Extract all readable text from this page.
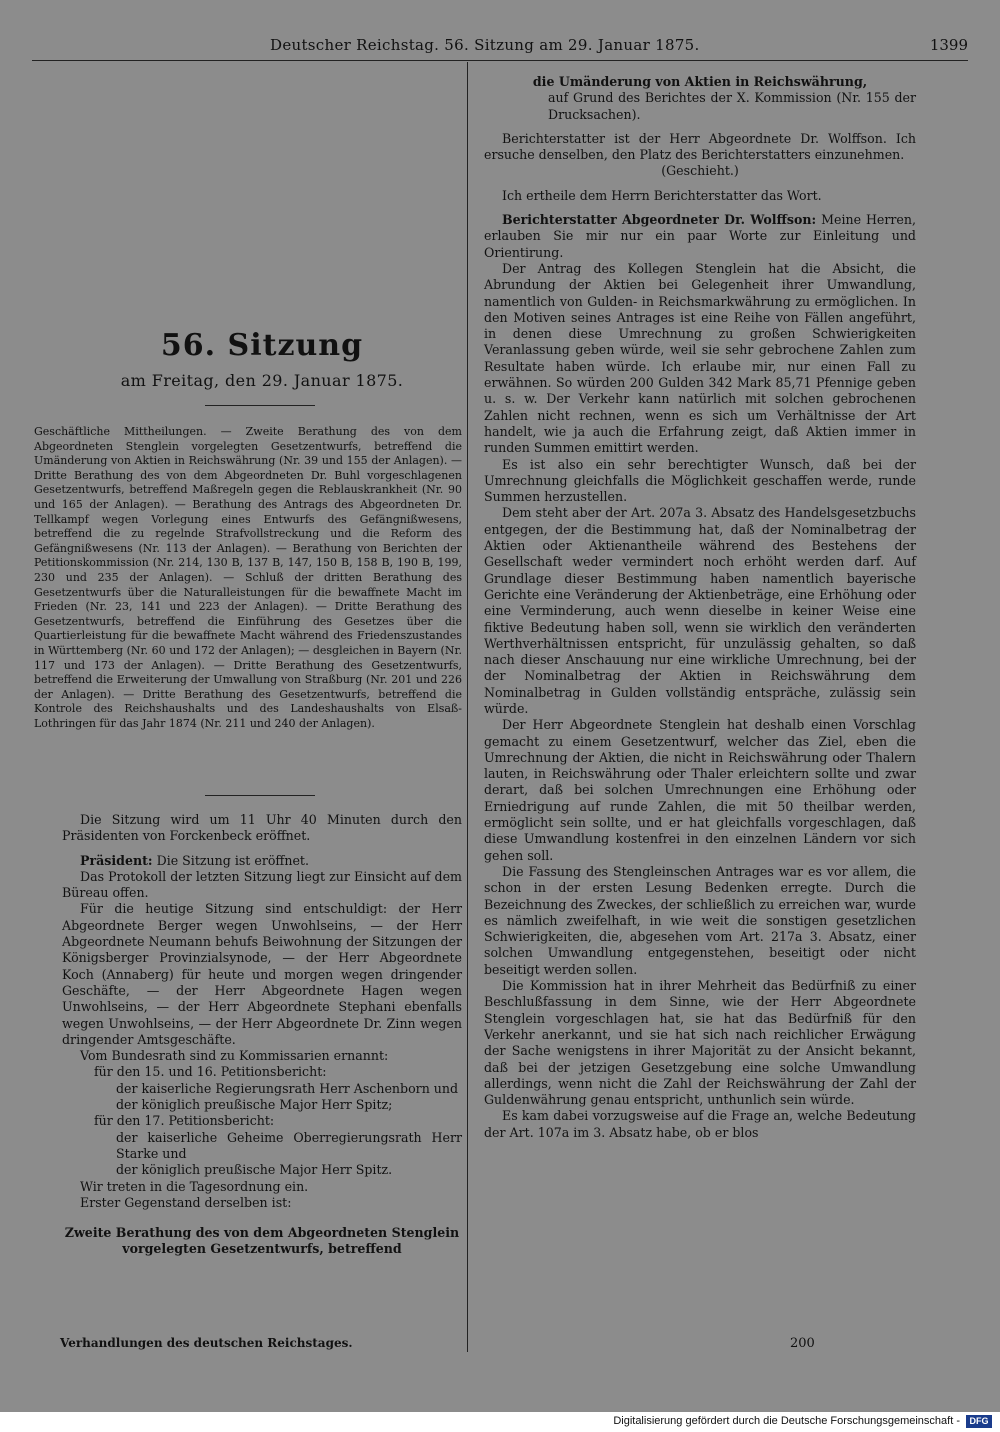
Deutscher Reichstag. 56. Sitzung am 29. Januar 1875.	1399
56. Sitzung
am Freitag, den 29. Januar 1875.

Geschäftliche Mittheilungen. — Zweite Berathung des von dem Abgeordneten Stenglein vorgelegten Gesetzentwurfs, betreffend die Umänderung von Aktien in Reichswährung (Nr. 39 und 155 der Anlagen). — Dritte Berathung des von dem Abgeordneten Dr. Buhl vorgeschlagenen Gesetzentwurfs, betreffend Maßregeln gegen die Reblauskrankheit (Nr. 90 und 165 der Anlagen). — Berathung des Antrags des Abgeordneten Dr. Tellkampf wegen Vorlegung eines Entwurfs des Gefängnißwesens, betreffend die zu regelnde Strafvollstreckung und die Reform des Gefängnißwesens (Nr. 113 der Anlagen). — Berathung von Berichten der Petitionskommission (Nr. 214, 130 B, 137 B, 147, 150 B, 158 B, 190 B, 199, 230 und 235 der Anlagen). — Schluß der dritten Berathung des Gesetzentwurfs über die Naturalleistungen für die bewaffnete Macht im Frieden (Nr. 23, 141 und 223 der Anlagen). — Dritte Berathung des Gesetzentwurfs, betreffend die Einführung des Gesetzes über die Quartierleistung für die bewaffnete Macht während des Friedenszustandes in Württemberg (Nr. 60 und 172 der Anlagen); — desgleichen in Bayern (Nr. 117 und 173 der Anlagen). — Dritte Berathung des Gesetzentwurfs, betreffend die Erweiterung der Umwallung von Straßburg (Nr. 201 und 226 der Anlagen). — Dritte Berathung des Gesetzentwurfs, betreffend die Kontrole des Reichshaushalts und des Landeshaushalts von Elsaß-Lothringen für das Jahr 1874 (Nr. 211 und 240 der Anlagen).

Die Sitzung wird um 11 Uhr 40 Minuten durch den Präsidenten von Forckenbeck eröffnet.

Präsident: Die Sitzung ist eröffnet.

Das Protokoll der letzten Sitzung liegt zur Einsicht auf dem Büreau offen.

Für die heutige Sitzung sind entschuldigt: der Herr Abgeordnete Berger wegen Unwohlseins, — der Herr Abgeordnete Neumann behufs Beiwohnung der Sitzungen der Königsberger Provinzialsynode, — der Herr Abgeordnete Koch (Annaberg) für heute und morgen wegen dringender Geschäfte, — der Herr Abgeordnete Hagen wegen Unwohlseins, — der Herr Abgeordnete Stephani ebenfalls wegen Unwohlseins, — der Herr Abgeordnete Dr. Zinn wegen dringender Amtsgeschäfte.

Vom Bundesrath sind zu Kommissarien ernannt:

für den 15. und 16. Petitionsbericht:

der kaiserliche Regierungsrath Herr Aschenborn und

der königlich preußische Major Herr Spitz;

für den 17. Petitionsbericht:

der kaiserliche Geheime Oberregierungsrath Herr Starke und

der königlich preußische Major Herr Spitz.

Wir treten in die Tagesordnung ein.

Erster Gegenstand derselben ist:

Zweite Berathung des von dem Abgeordneten Stenglein vorgelegten Gesetzentwurfs, betreffend

die Umänderung von Aktien in Reichswährung,

auf Grund des Berichtes der X. Kommission (Nr. 155 der Drucksachen).

Berichterstatter ist der Herr Abgeordnete Dr. Wolffson. Ich ersuche denselben, den Platz des Berichterstatters einzunehmen.

(Geschieht.)

Ich ertheile dem Herrn Berichterstatter das Wort.

Berichterstatter Abgeordneter Dr. Wolffson: Meine Herren, erlauben Sie mir nur ein paar Worte zur Einleitung und Orientirung.

Der Antrag des Kollegen Stenglein hat die Absicht, die Abrundung der Aktien bei Gelegenheit ihrer Umwandlung, namentlich von Gulden- in Reichsmarkwährung zu ermöglichen. In den Motiven seines Antrages ist eine Reihe von Fällen angeführt, in denen diese Umrechnung zu großen Schwierigkeiten Veranlassung geben würde, weil sie sehr gebrochene Zahlen zum Resultate haben würde. Ich erlaube mir, nur einen Fall zu erwähnen. So würden 200 Gulden 342 Mark 85,71 Pfennige geben u. s. w. Der Verkehr kann natürlich mit solchen gebrochenen Zahlen nicht rechnen, wenn es sich um Verhältnisse der Art handelt, wie ja auch die Erfahrung zeigt, daß Aktien immer in runden Summen emittirt werden.

Es ist also ein sehr berechtigter Wunsch, daß bei der Umrechnung gleichfalls die Möglichkeit geschaffen werde, runde Summen herzustellen.

Dem steht aber der Art. 207a 3. Absatz des Handelsgesetzbuchs entgegen, der die Bestimmung hat, daß der Nominalbetrag der Aktien oder Aktienantheile während des Bestehens der Gesellschaft weder vermindert noch erhöht werden darf. Auf Grundlage dieser Bestimmung haben namentlich bayerische Gerichte eine Veränderung der Aktienbeträge, eine Erhöhung oder eine Verminderung, auch wenn dieselbe in keiner Weise eine fiktive Bedeutung haben soll, wenn sie wirklich den veränderten Werthverhältnissen entspricht, für unzulässig gehalten, so daß nach dieser Anschauung nur eine wirkliche Umrechnung, bei der der Nominalbetrag der Aktien in Reichswährung dem Nominalbetrag in Gulden vollständig entspräche, zulässig sein würde.

Der Herr Abgeordnete Stenglein hat deshalb einen Vorschlag gemacht zu einem Gesetzentwurf, welcher das Ziel, eben die Umrechnung der Aktien, die nicht in Reichswährung oder Thalern lauten, in Reichswährung oder Thaler erleichtern sollte und zwar derart, daß bei solchen Umrechnungen eine Erhöhung oder Erniedrigung auf runde Zahlen, die mit 50 theilbar werden, ermöglicht sein sollte, und er hat gleichfalls vorgeschlagen, daß diese Umwandlung kostenfrei in den einzelnen Ländern vor sich gehen soll.

Die Fassung des Stengleinschen Antrages war es vor allem, die schon in der ersten Lesung Bedenken erregte. Durch die Bezeichnung des Zweckes, der schließlich zu erreichen war, wurde es nämlich zweifelhaft, in wie weit die sonstigen gesetzlichen Schwierigkeiten, die, abgesehen vom Art. 217a 3. Absatz, einer solchen Umwandlung entgegenstehen, beseitigt oder nicht beseitigt werden sollen.

Die Kommission hat in ihrer Mehrheit das Bedürfniß zu einer Beschlußfassung in dem Sinne, wie der Herr Abgeordnete Stenglein vorgeschlagen hat, sie hat das Bedürfniß für den Verkehr anerkannt, und sie hat sich nach reichlicher Erwägung der Sache wenigstens in ihrer Majorität zu der Ansicht bekannt, daß bei der jetzigen Gesetzgebung eine solche Umwandlung allerdings, wenn nicht die Zahl der Reichswährung der Zahl der Guldenwährung genau entspricht, unthunlich sein würde.

Es kam dabei vorzugsweise auf die Frage an, welche Bedeutung der Art. 107a im 3. Absatz habe, ob er blos

Verhandlungen des deutschen Reichstages.	200
Digitalisierung gefördert durch die Deutsche Forschungsgemeinschaft -	DFG
